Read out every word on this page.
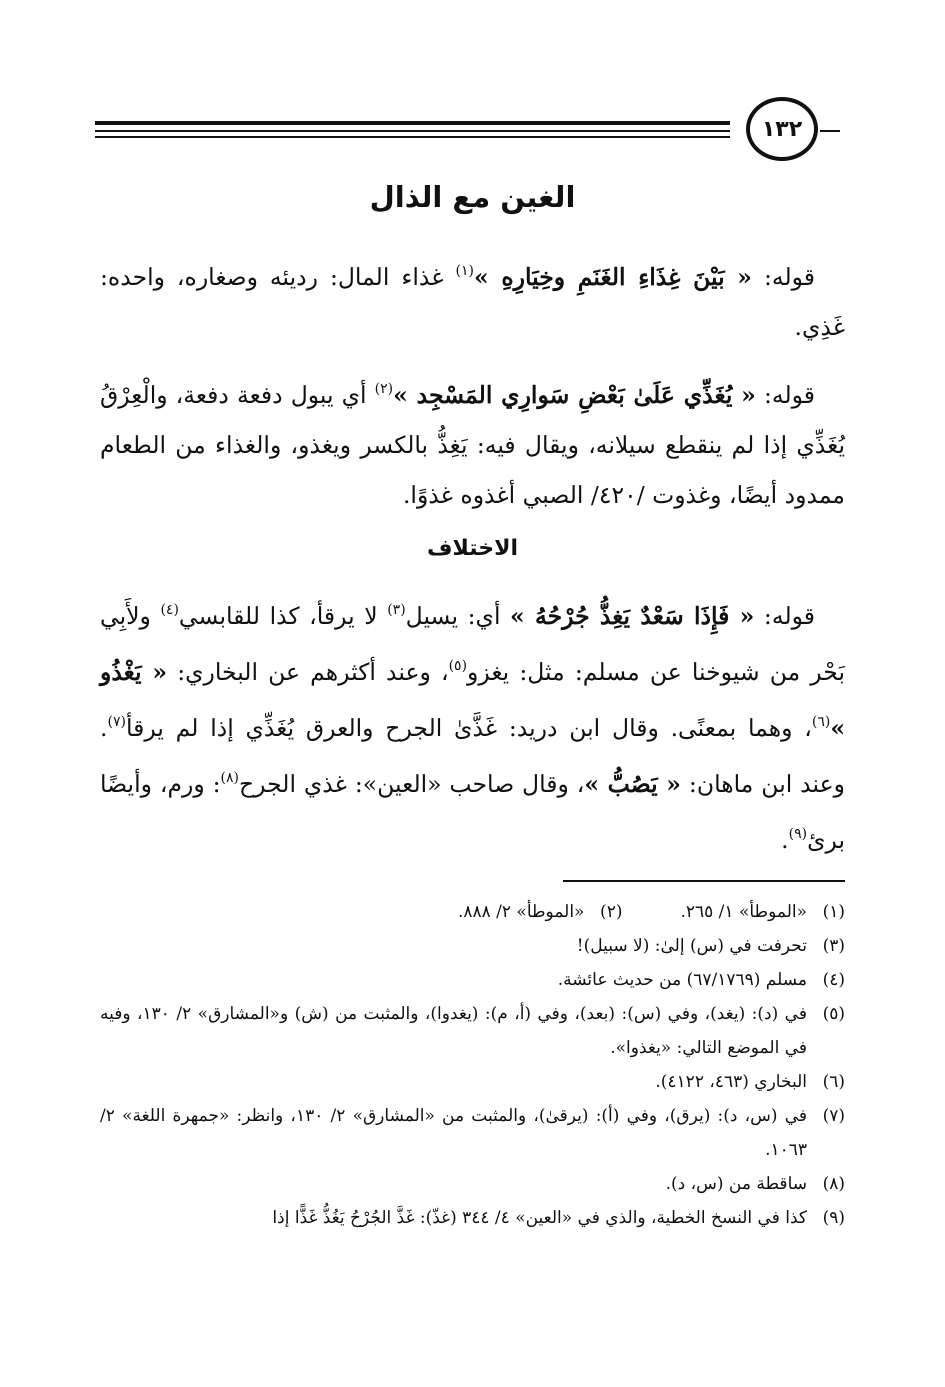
١٣٢
الغين مع الذال

قوله: « بَيْنَ غِذَاءِ الغَنَمِ وخِيَارِهِ »$^{(١)}$ غذاء المال: رديئه وصغاره، واحده: غَذِي.

قوله: « يُغَذِّي عَلَىٰ بَعْضِ سَوارِي المَسْجِد »$^{(٢)}$ أي يبول دفعة دفعة، والْعِرْقُ يُغَذِّي إذا لم ينقطع سيلانه، ويقال فيه: يَغِذُّ بالكسر ويغذو، والغذاء من الطعام ممدود أيضًا، وغذوت /٤٢٠/ الصبي أغذوه غذوًا.

الاختلاف

قوله: « فَإِذَا سَعْدٌ يَغِذُّ جُرْحُهُ » أي: يسيل$^{(٣)}$ لا يرقأ، كذا للقابسي$^{(٤)}$ ولأَبِي بَحْر من شيوخنا عن مسلم: مثل: يغزو$^{(٥)}$، وعند أكثرهم عن البخاري: « يَغْذُو »$^{(٦)}$، وهما بمعنًى. وقال ابن دريد: غَذَّىٰ الجرح والعرق يُغَذِّي إذا لم يرقأ$^{(٧)}$. وعند ابن ماهان: « يَصُبُّ »، وقال صاحب «العين»: غذي الجرح$^{(٨)}$: ورم، وأيضًا برئ$^{(٩)}$.

(١)
«الموطأ» ١/ ٢٦٥.
(٢)
«الموطأ» ٢/ ٨٨٨.
(٣)
تحرفت في (س) إلىٰ: (لا سبيل)!
(٤)
مسلم (٦٧/١٧٦٩) من حديث عائشة.
(٥)
في (د): (يغد)، وفي (س): (بعد)، وفي (أ، م): (يغدوا)، والمثبت من (ش) و«المشارق» ٢/ ١٣٠، وفيه في الموضع التالي: «يغذوا».
(٦)
البخاري (٤٦٣، ٤١٢٢).
(٧)
في (س، د): (يرق)، وفي (أ): (يرقىٰ)، والمثبت من «المشارق» ٢/ ١٣٠، وانظر: «جمهرة اللغة» ٢/ ١٠٦٣.
(٨)
ساقطة من (س، د).
(٩)
كذا في النسخ الخطية، والذي في «العين» ٤/ ٣٤٤ (غذّ): غَذَّ الجُرْحُ يَغُذُّ غَذًّا إذا
